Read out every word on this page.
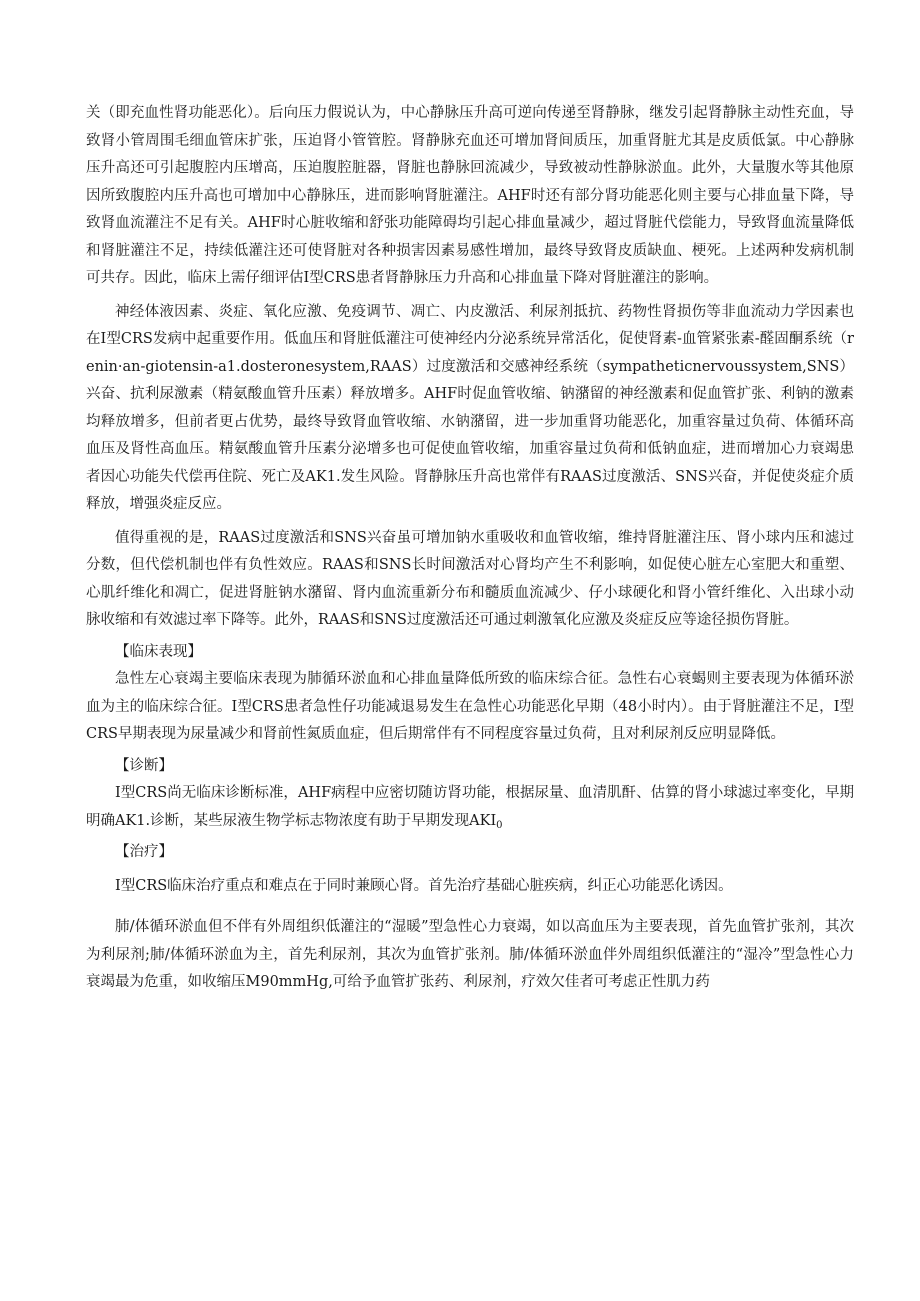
关（即充血性肾功能恶化）。后向压力假说认为，中心静脉压升高可逆向传递至肾静脉，继发引起肾静脉主动性充血，导致肾小管周围毛细血管床扩张，压迫肾小管管腔。肾静脉充血还可增加肾间质压，加重肾脏尤其是皮质低氯。中心静脉压升高还可引起腹腔内压增高，压迫腹腔脏器，肾脏也静脉回流减少，导致被动性静脉淤血。此外，大量腹水等其他原因所致腹腔内压升高也可增加中心静脉压，进而影响肾脏灌注。AHF时还有部分肾功能恶化则主要与心排血量下降，导致肾血流灌注不足有关。AHF时心脏收缩和舒张功能障碍均引起心排血量减少，超过肾脏代偿能力，导致肾血流量降低和肾脏灌注不足，持续低灌注还可使肾脏对各种损害因素易感性增加，最终导致肾皮质缺血、梗死。上述两种发病机制可共存。因此，临床上需仔细评估I型CRS患者肾静脉压力升高和心排血量下降对肾脏灌注的影响。

神经体液因素、炎症、氧化应激、免疫调节、凋亡、内皮激活、利尿剂抵抗、药物性肾损伤等非血流动力学因素也在I型CRS发病中起重要作用。低血压和肾脏低灌注可使神经内分泌系统异常活化，促使肾素-血管紧张素-醛固酮系统（renin·an-giotensin-a1.dosteronesystem,RAAS）过度激活和交感神经系统（sympatheticnervoussystem,SNS）兴奋、抗利尿激素（精氨酸血管升压素）释放增多。AHF时促血管收缩、钠潴留的神经激素和促血管扩张、利钠的激素均释放增多，但前者更占优势，最终导致肾血管收缩、水钠潴留，进一步加重肾功能恶化，加重容量过负荷、体循环高血压及肾性高血压。精氨酸血管升压素分泌增多也可促使血管收缩，加重容量过负荷和低钠血症，进而增加心力衰竭患者因心功能失代偿再住院、死亡及AK1.发生风险。肾静脉压升高也常伴有RAAS过度激活、SNS兴奋，并促使炎症介质释放，增强炎症反应。

值得重视的是，RAAS过度激活和SNS兴奋虽可增加钠水重吸收和血管收缩，维持肾脏灌注压、肾小球内压和滤过分数，但代偿机制也伴有负性效应。RAAS和SNS长时间激活对心肾均产生不利影响，如促使心脏左心室肥大和重塑、心肌纤维化和凋亡，促进肾脏钠水潴留、肾内血流重新分布和髓质血流减少、仔小球硬化和肾小管纤维化、入出球小动脉收缩和有效滤过率下降等。此外，RAAS和SNS过度激活还可通过刺激氧化应激及炎症反应等途径损伤肾脏。

【临床表现】

急性左心衰竭主要临床表现为肺循环淤血和心排血量降低所致的临床综合征。急性右心衰蝎则主要表现为体循环淤血为主的临床综合征。I型CRS患者急性仔功能减退易发生在急性心功能恶化早期（48小时内）。由于肾脏灌注不足，I型CRS早期表现为尿量减少和肾前性氮质血症，但后期常伴有不同程度容量过负荷，且对利尿剂反应明显降低。

【诊断】

I型CRS尚无临床诊断标准，AHF病程中应密切随访肾功能，根据尿量、血清肌酐、估算的肾小球滤过率变化，早期明确AK1.诊断，某些尿液生物学标志物浓度有助于早期发现$AKI_0$

【治疗】

I型CRS临床治疗重点和难点在于同时兼顾心肾。首先治疗基础心脏疾病，纠正心功能恶化诱因。

肺/体循环淤血但不伴有外周组织低灌注的“湿暖”型急性心力衰竭，如以高血压为主要表现，首先血管扩张剂，其次为利尿剂;肺/体循环淤血为主，首先利尿剂，其次为血管扩张剂。肺/体循环淤血伴外周组织低灌注的“湿冷”型急性心力衰竭最为危重，如收缩压M90mmHg,可给予血管扩张药、利尿剂，疗效欠佳者可考虑正性肌力药
